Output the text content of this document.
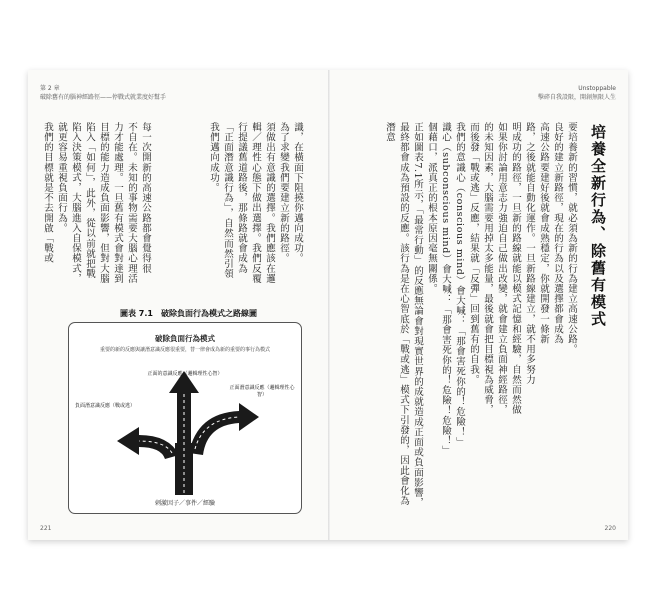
第 2 章
破除舊有的腦神經路徑——停戰式就業度好幫手
識，在橫面下阻撓你邁向成功。
為了求變我們要建立新的路徑。
須做出有意識的選擇。我們應該在邏
輯／理性心態下做出選擇。我們反覆
行提議舊道路後，那條路就會成為
「正面潛意識行為」，自然而然引領
我們邁向成功。
每一次開新的高速公路都會覺得很
不自在。未知的事物需要大腦心理活
力才能處理。一旦舊有模式會對達到
目標的能力造成負面影響，但對大腦
陷入「如何」，此外，從以前就把戰
陷入決策模式，大腦進入自保模式，
就更容易重視負面行為。
我們的目標就是不去開啟「戰或
圖表 7.1　破除負面行為模式之路線圖
破除負面行為模式
重要的新的反應與讓潛意識反應很重要，替一律會成為新的重要的事行為模式
正面的意識反應（邏輯理性心智）
正面潛意識反應（邏輯理性心智）
負面潛意識反應（戰或逃）
刺激因子／事件／經驗
221
Unstoppable
擊碎自我設限，開創無限人生
培養全新行為、除舊有模式
要培養新的習慣，就必須為新的行為建立高速公路。
良好的建立新路徑，現在的行為以及選擇都會成為
高速公路要建好後就會成熟穩定，你就開發一條新
路，之後就能自動化運作。一旦新路線建立，就不用多努力
明成功的路徑，一旦新的路線就能以模式記憶和經驗，自然而然做
如果你討論用意志力強迫自己做出改變，就會建立負面神經路徑，
的未知因素，大腦需要用掉太多能量，最後就會把目標視為威脅，
而後發「戰或逃」反應，結果就「反彈」回到舊有的自我。
我們的意識心（conscious mind）會大喊：「那會害死你的！危險！」
識心（subconscious mind）會大喊：「那會害死你的！危險！危險！」
個藉口，派真正的根本原因毫無關係。
正如圖表7.1所示，「最常行動」的反應無論會對現實世界的成就造成正面或負面影響，
最終都會成為預設的反應。該行為是在心智底於「戰或逃」模式下引發的，因此會化為潛意
220
